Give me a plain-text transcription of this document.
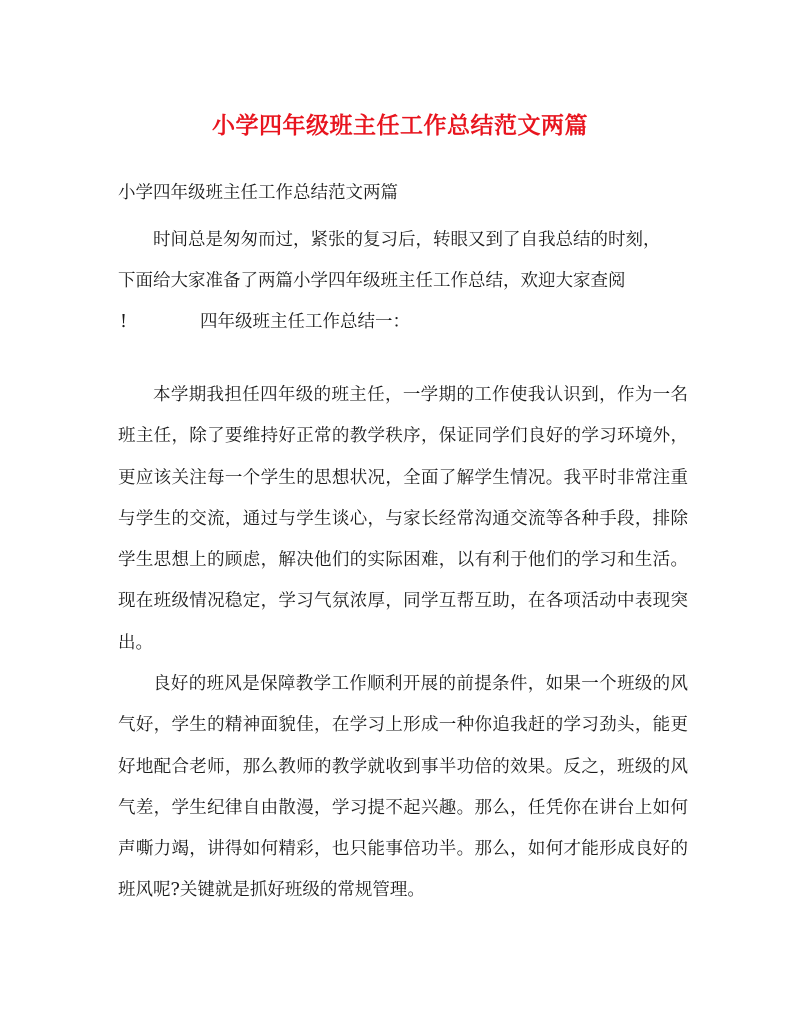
小学四年级班主任工作总结范文两篇
小学四年级班主任工作总结范文两篇
时间总是匆匆而过，紧张的复习后，转眼又到了自我总结的时刻，
下面给大家准备了两篇小学四年级班主任工作总结，欢迎大家查阅
!	四年级班主任工作总结一：
本学期我担任四年级的班主任，一学期的工作使我认识到，作为一名班主任，除了要维持好正常的教学秩序，保证同学们良好的学习环境外，更应该关注每一个学生的思想状况，全面了解学生情况。我平时非常注重与学生的交流，通过与学生谈心，与家长经常沟通交流等各种手段，排除学生思想上的顾虑，解决他们的实际困难，以有利于他们的学习和生活。现在班级情况稳定，学习气氛浓厚，同学互帮互助，在各项活动中表现突出。
良好的班风是保障教学工作顺利开展的前提条件，如果一个班级的风气好，学生的精神面貌佳，在学习上形成一种你追我赶的学习劲头，能更好地配合老师，那么教师的教学就收到事半功倍的效果。反之，班级的风气差，学生纪律自由散漫，学习提不起兴趣。那么，任凭你在讲台上如何声嘶力竭，讲得如何精彩，也只能事倍功半。那么，如何才能形成良好的班风呢?关键就是抓好班级的常规管理。
